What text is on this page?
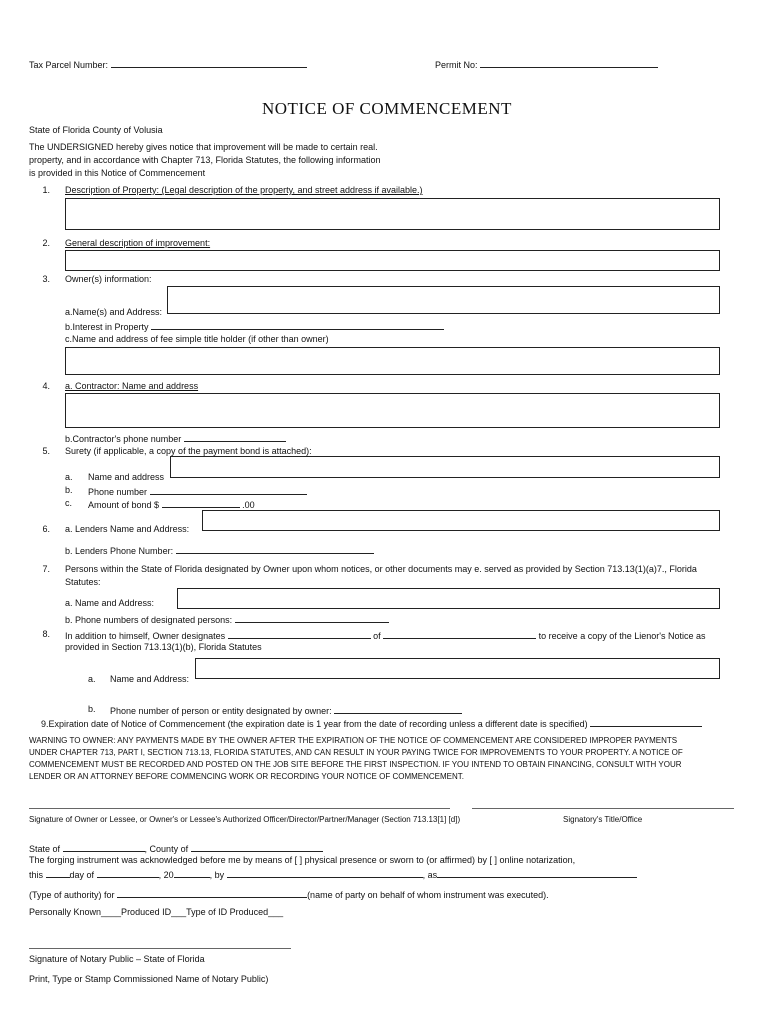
Tax Parcel Number:	Permit No:
NOTICE OF COMMENCEMENT
State of Florida County of Volusia
The UNDERSIGNED hereby gives notice that improvement will be made to certain real.
property, and in accordance with Chapter 713, Florida Statutes, the following information
is provided in this Notice of Commencement
1. Description of Property: (Legal description of the property, and street address if available.)
2. General description of improvement:
3. Owner(s) information:
a.Name(s) and Address:
b.Interest in Property
c.Name and address of fee simple title holder (if other than owner)
4. a. Contractor: Name and address
b.Contractor's phone number
5. Surety (if applicable, a copy of the payment bond is attached):
a. Name and address
b. Phone number
c. Amount of bond $	.00
6. a. Lenders Name and Address:
b. Lenders Phone Number:
7. Persons within the State of Florida designated by Owner upon whom notices, or other documents may e. served as provided by Section 713.13(1)(a)7., Florida
Statutes:
a. Name and Address:
b. Phone numbers of designated persons:
8. In addition to himself, Owner designates	of	to receive a copy of the Lienor's Notice as
provided in Section 713.13(1)(b), Florida Statutes
a. Name and Address:
b. Phone number of person or entity designated by owner:
9.Expiration date of Notice of Commencement (the expiration date is 1 year from the date of recording unless a different date is specified)
WARNING TO OWNER: ANY PAYMENTS MADE BY THE OWNER AFTER THE EXPIRATION OF THE NOTICE OF COMMENCEMENT ARE CONSIDERED IMPROPER PAYMENTS
UNDER CHAPTER 713, PART I, SECTION 713.13, FLORIDA STATUTES, AND CAN RESULT IN YOUR PAYING TWICE FOR IMPROVEMENTS TO YOUR PROPERTY. A NOTICE OF
COMMENCEMENT MUST BE RECORDED AND POSTED ON THE JOB SITE BEFORE THE FIRST INSPECTION. IF YOU INTEND TO OBTAIN FINANCING, CONSULT WITH YOUR
LENDER OR AN ATTORNEY BEFORE COMMENCING WORK OR RECORDING YOUR NOTICE OF COMMENCEMENT.
Signature of Owner or Lessee, or Owner's or Lessee's Authorized Officer/Director/Partner/Manager (Section 713.13[1] [d])	Signatory's Title/Office
State of	, County of
The forging instrument was acknowledged before me by means of [ ] physical presence or sworn to (or affirmed) by [ ] online notarization,
this	day of	, 20	, by	, as
(Type of authority) for	(name of party on behalf of whom instrument was executed).
Personally Known____Produced ID___Type of ID Produced___
Signature of Notary Public – State of Florida
Print, Type or Stamp Commissioned Name of Notary Public)
